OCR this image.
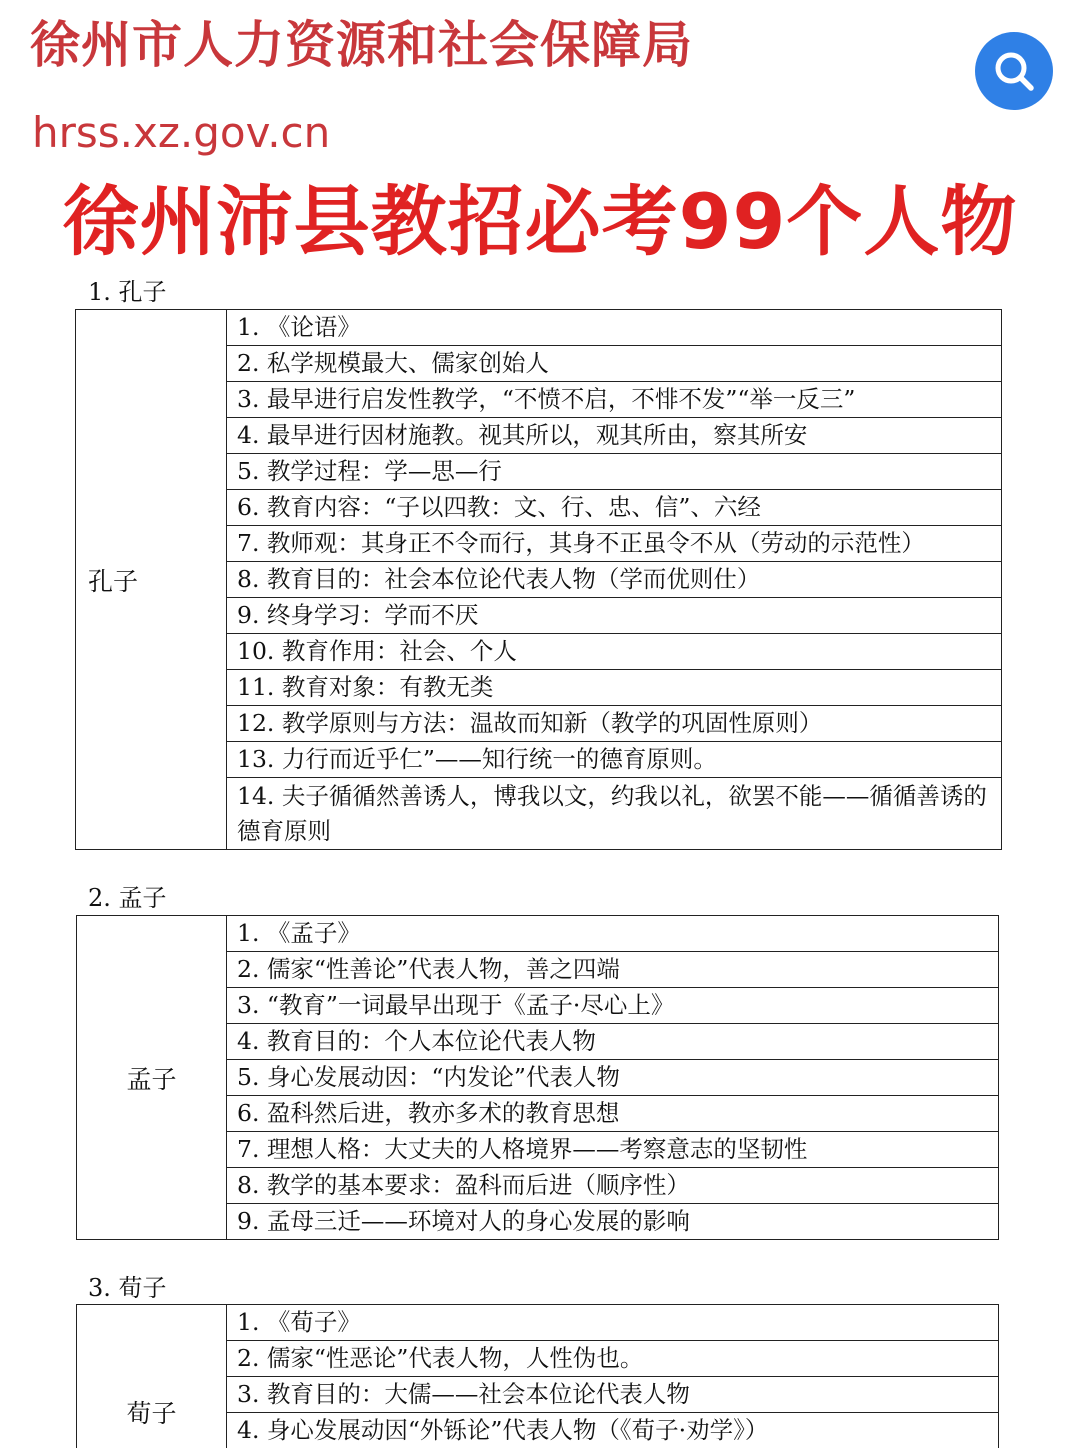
徐州市人力资源和社会保障局
hrss.xz.gov.cn
徐州沛县教招必考99个人物
1. 孔子
孔子	1. 《论语》
2. 私学规模最大、儒家创始人
3. 最早进行启发性教学，“不愤不启，不悱不发”“举一反三”
4. 最早进行因材施教。视其所以，观其所由，察其所安
5. 教学过程：学—思—行
6. 教育内容：“子以四教：文、行、忠、信”、六经
7. 教师观：其身正不令而行，其身不正虽令不从（劳动的示范性）
8. 教育目的：社会本位论代表人物（学而优则仕）
9. 终身学习：学而不厌
10. 教育作用：社会、个人
11. 教育对象：有教无类
12. 教学原则与方法：温故而知新（教学的巩固性原则）
13. 力行而近乎仁”——知行统一的德育原则。
14. 夫子循循然善诱人，博我以文，约我以礼，欲罢不能——循循善诱的德育原则
2. 孟子
孟子	1. 《孟子》
2. 儒家“性善论”代表人物，善之四端
3. “教育”一词最早出现于《孟子·尽心上》
4. 教育目的：个人本位论代表人物
5. 身心发展动因：“内发论”代表人物
6. 盈科然后进，教亦多术的教育思想
7. 理想人格：大丈夫的人格境界——考察意志的坚韧性
8. 教学的基本要求：盈科而后进（顺序性）
9. 孟母三迁——环境对人的身心发展的影响
3. 荀子
荀子	1. 《荀子》
2. 儒家“性恶论”代表人物，人性伪也。
3. 教育目的：大儒——社会本位论代表人物
4. 身心发展动因“外铄论”代表人物（《荀子·劝学》）
